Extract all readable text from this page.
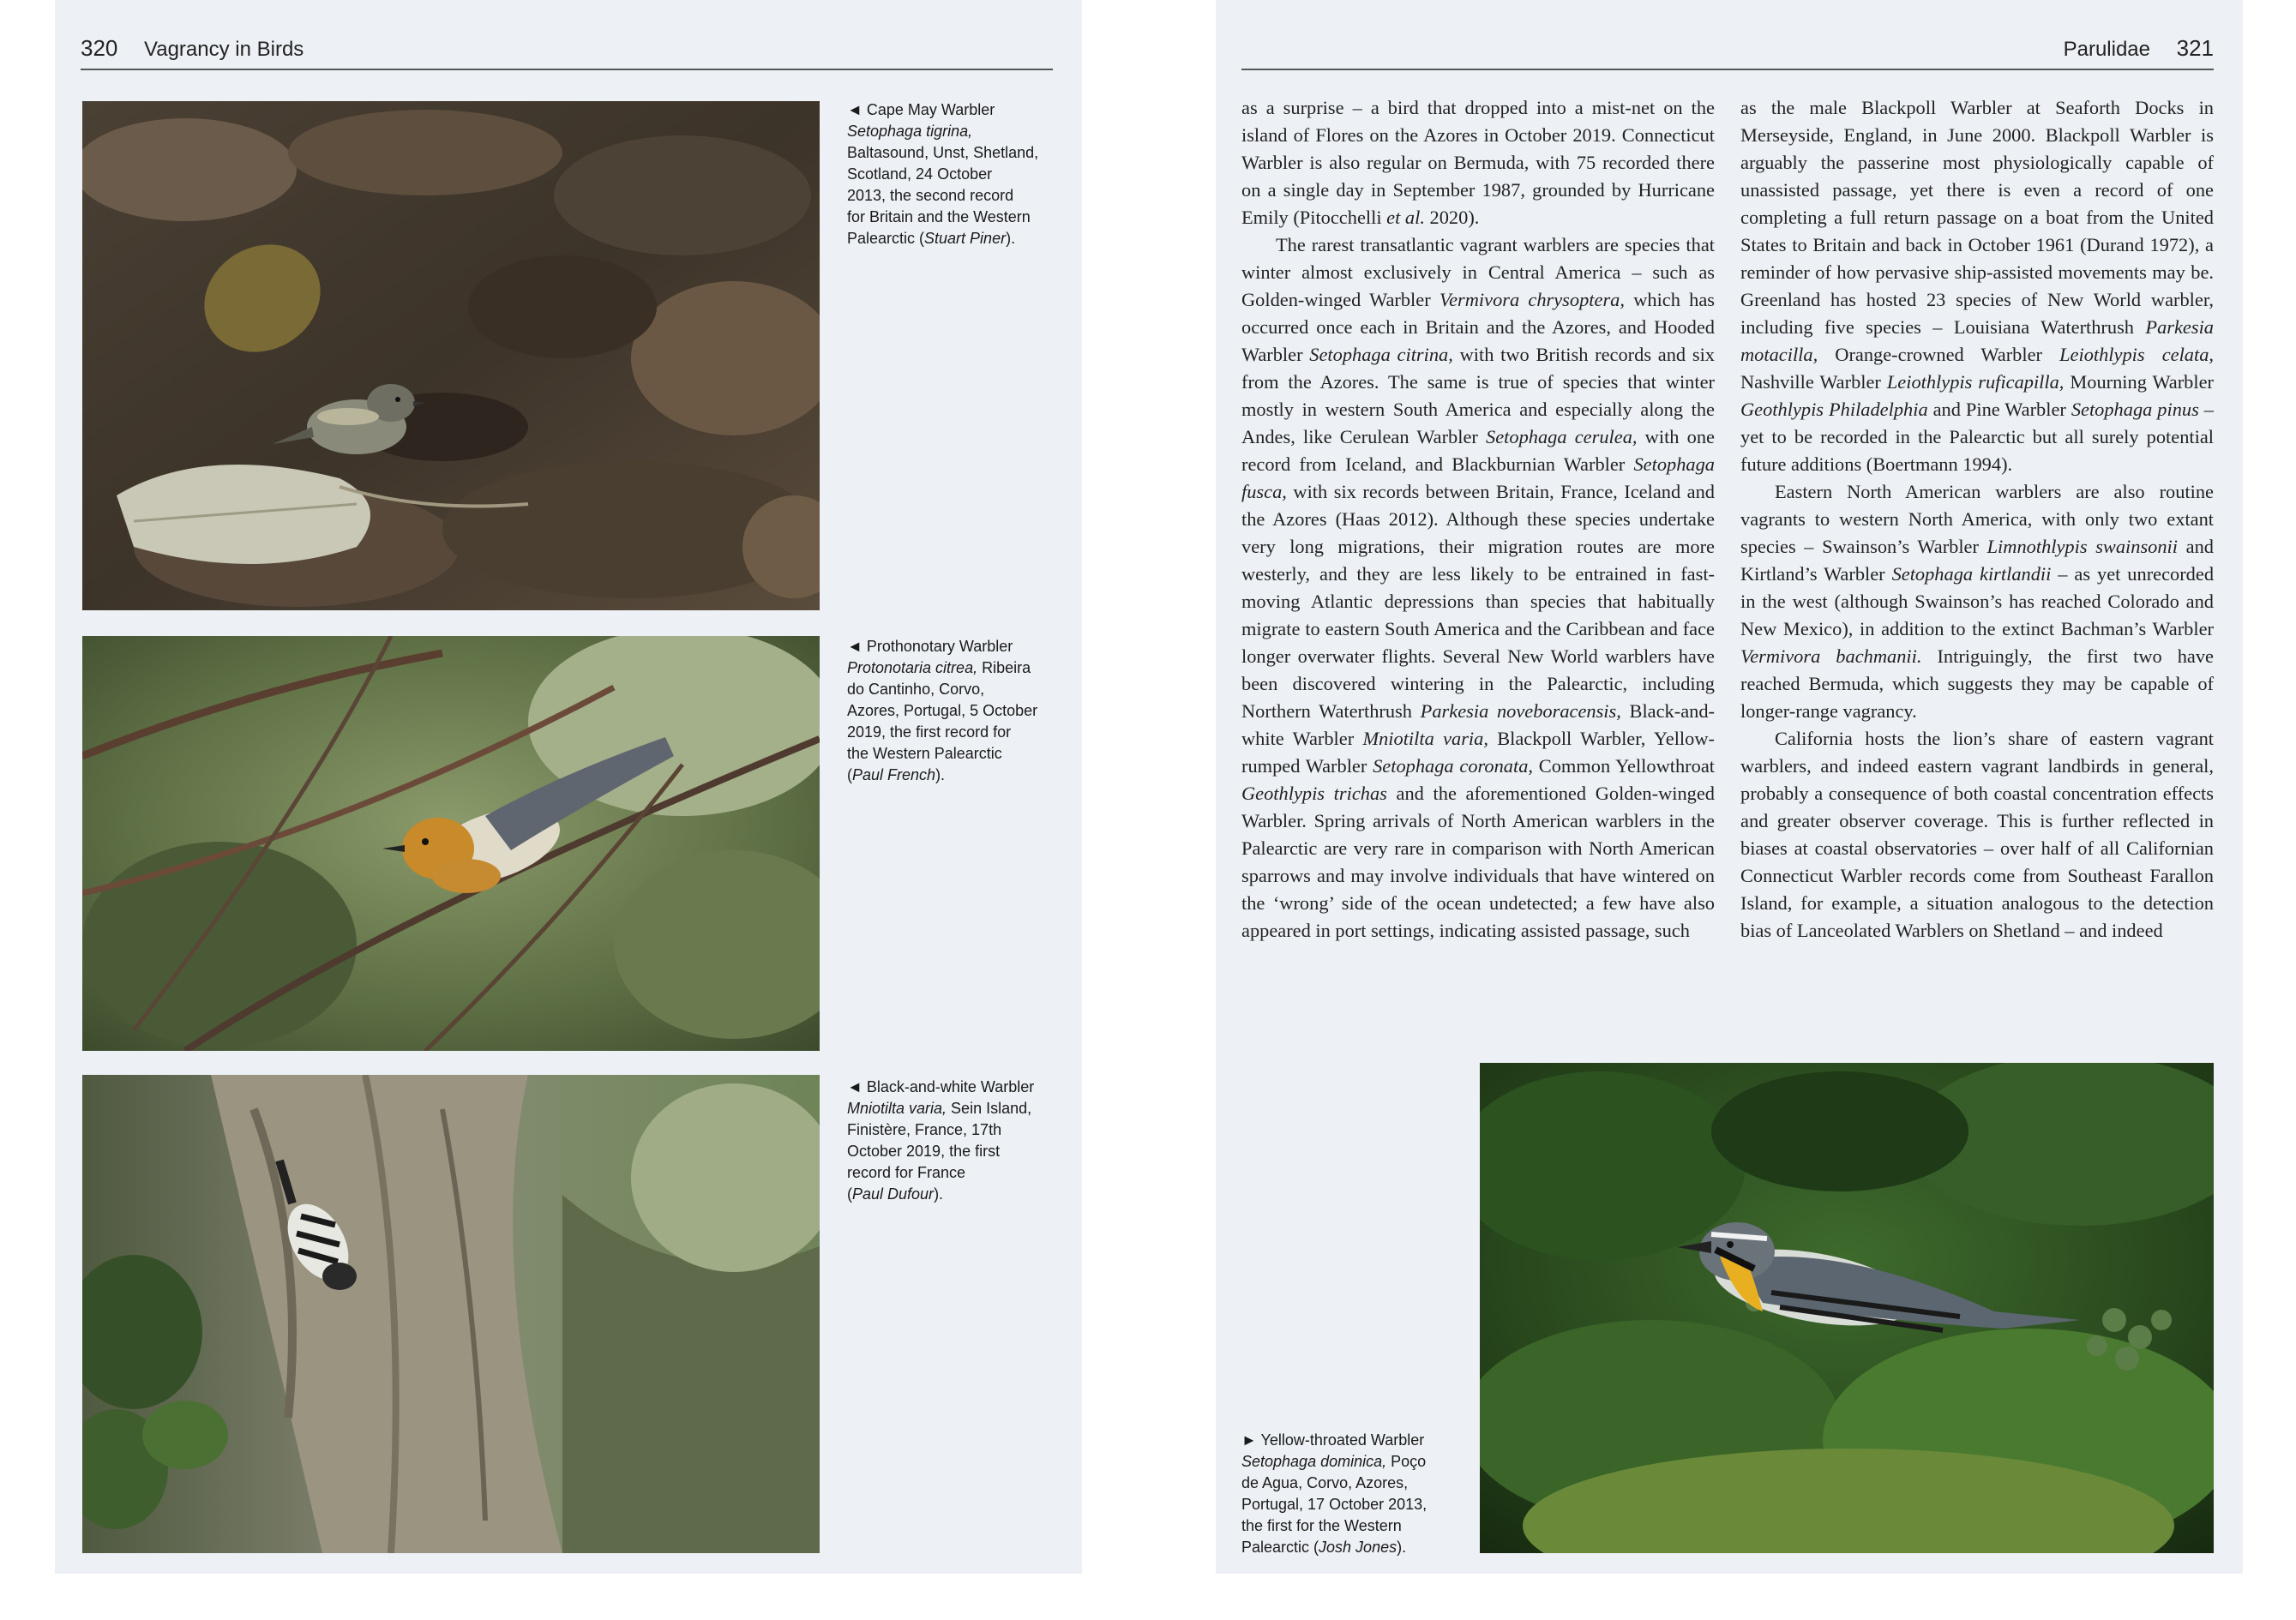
320 Vagrancy in Birds
◄ Cape May Warbler
Setophaga tigrina,
Baltasound, Unst, Shetland,
Scotland, 24 October
2013, the second record
for Britain and the Western
Palearctic (Stuart Piner).
◄ Prothonotary Warbler
Protonotaria citrea, Ribeira
do Cantinho, Corvo,
Azores, Portugal, 5 October
2019, the first record for
the Western Palearctic
(Paul French).
◄ Black-and-white Warbler
Mniotilta varia, Sein Island,
Finistère, France, 17th
October 2019, the first
record for France
(Paul Dufour).
Parulidae 321

as a surprise – a bird that dropped into a mist-net on the island of Flores on the Azores in October 2019. Connecticut Warbler is also regular on Bermuda, with 75 recorded there on a single day in September 1987, grounded by Hurricane Emily (Pitocchelli et al. 2020).

The rarest transatlantic vagrant warblers are species that winter almost exclusively in Central America – such as Golden-winged Warbler Vermivora chrysoptera, which has occurred once each in Britain and the Azores, and Hooded Warbler Setophaga citrina, with two British records and six from the Azores. The same is true of species that winter mostly in western South America and especially along the Andes, like Cerulean Warbler Setophaga cerulea, with one record from Iceland, and Blackburnian Warbler Setophaga fusca, with six records between Britain, France, Iceland and the Azores (Haas 2012). Although these species undertake very long migrations, their migration routes are more westerly, and they are less likely to be entrained in fast-moving Atlantic depressions than species that habitually migrate to eastern South America and the Caribbean and face longer overwater flights. Several New World warblers have been discovered wintering in the Palearctic, including Northern Waterthrush Parkesia noveboracensis, Black-and-white Warbler Mniotilta varia, Blackpoll Warbler, Yellow-rumped Warbler Setophaga coronata, Common Yellowthroat Geothlypis trichas and the aforementioned Golden-winged Warbler. Spring arrivals of North American warblers in the Palearctic are very rare in comparison with North American sparrows and may involve individuals that have wintered on the ‘wrong’ side of the ocean undetected; a few have also appeared in port settings, indicating assisted passage, such

as the male Blackpoll Warbler at Seaforth Docks in Merseyside, England, in June 2000. Blackpoll Warbler is arguably the passerine most physiologically capable of unassisted passage, yet there is even a record of one completing a full return passage on a boat from the United States to Britain and back in October 1961 (Durand 1972), a reminder of how pervasive ship-assisted movements may be. Greenland has hosted 23 species of New World warbler, including five species – Louisiana Waterthrush Parkesia motacilla, Orange-crowned Warbler Leiothlypis celata, Nashville Warbler Leiothlypis ruficapilla, Mourning Warbler Geothlypis Philadelphia and Pine Warbler Setophaga pinus – yet to be recorded in the Palearctic but all surely potential future additions (Boertmann 1994).

Eastern North American warblers are also routine vagrants to western North America, with only two extant species – Swainson’s Warbler Limnothlypis swainsonii and Kirtland’s Warbler Setophaga kirtlandii – as yet unrecorded in the west (although Swainson’s has reached Colorado and New Mexico), in addition to the extinct Bachman’s Warbler Vermivora bachmanii. Intriguingly, the first two have reached Bermuda, which suggests they may be capable of longer-range vagrancy.

California hosts the lion’s share of eastern vagrant warblers, and indeed eastern vagrant landbirds in general, probably a consequence of both coastal concentration effects and greater observer coverage. This is further reflected in biases at coastal observatories – over half of all Californian Connecticut Warbler records come from Southeast Farallon Island, for example, a situation analogous to the detection bias of Lanceolated Warblers on Shetland – and indeed

► Yellow-throated Warbler
Setophaga dominica, Poço
de Agua, Corvo, Azores,
Portugal, 17 October 2013,
the first for the Western
Palearctic (Josh Jones).
